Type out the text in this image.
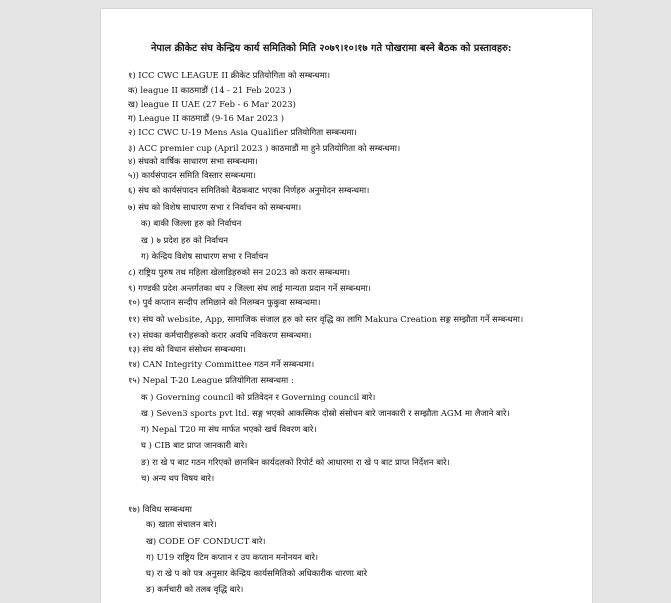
नेपाल क्रीकेट संघ केन्द्रिय कार्य समितिको मिति २०७९।१०।१७ गते पोखरामा बस्ने बैठक को प्रस्तावहरु:
१) ICC CWC LEAGUE II क्रीकेट प्रतियोगिता को सम्बन्धमा।
क) league II काठमाडौं (14 - 21 Feb 2023 )
ख) league II UAE (27 Feb - 6 Mar 2023)
ग) League II काठमाडौं (9-16 Mar 2023 )
२) ICC CWC U-19 Mens Asia Qualifier प्रतियोगिता सम्बन्धमा।
३) ACC premier cup (April 2023 ) काठमाडौं मा हुने प्रतियोगिता को सम्बन्धमा।
४) संघको वार्षिक साधारण सभा सम्बन्धमा।
५)) कार्यसंपादन समिति विस्तार सम्बन्धमा।
६) संघ को कार्यसंपादन समितिको बैठकबाट भएका निर्णहरु अनुमोदन सम्बन्धमा।
७) संघ को विशेष साधारण सभा र निर्वाचन को सम्बन्धमा।
क) बाकी जिल्ला हरु को निर्वाचन
ख ) ७ प्रदेश हरु को निर्वाचन
ग) केन्द्रिय विशेष साधारण सभा र निर्वाचन
८) राष्ट्रिय पुरुष तथ महिला खेलाडिहरुको सन 2023 को करार सम्बन्धमा।
९) गण्डकी प्रदेश अन्तर्गतका थप २ जिल्ला संघ लाई मान्यता प्रदान गर्ने सम्बन्धमा।
१०) पुर्व कप्तान सन्दीप लमिछाने को निलम्बन फुकुवा सम्बन्धमा।
११) संघ को website, App, सामाजिक संजाल हरु को स्तर वृद्धि का लागि Makura Creation सङ्ग सम्झौता गर्ने सम्बन्धमा।
१२) संघका कर्मचारीहरूको करार अवधि नविकरण सम्बन्धमा।
१३) संघ को विधान संसोधन सम्बन्धमा।
१४) CAN Integrity Committee गठन गर्ने सम्बन्धमा।
१५) Nepal T-20 League प्रतियोगिता सम्बन्धमा :
क ) Governing council को प्रतिवेदन र Governing council बारे।
ख ) Seven3 sports pvt ltd. सङ्ग भएको आकस्मिक दोस्रो संसोधन बारे जानकारी र सम्झौता AGM मा लैजाने बारे।
ग) Nepal T20 मा संघ मार्फत भएको खर्च विवरण बारे।
घ ) CIB बाट प्राप्त जानकारी बारे।
ङ) रा खे प बाट गठन गरिएको छानबिन कार्यदलको रिपोर्ट को आधारमा रा खे प बाट प्राप्त निर्देशन बारे।
च) अन्य थप विषय बारे।
१७) विविध सम्बन्धमा
क) खाता संचालन बारे।
ख) CODE OF CONDUCT बारे।
ग) U19 राष्ट्रिय टिम कप्तान र उप कप्तान मनोनयन बारे।
घ) रा खे प को पत्र अनुसार केन्द्रिय कार्यसमितिको अधिकारीक धारणा बारे
ङ) कर्मचारी को तलब वृद्धि बारे।
